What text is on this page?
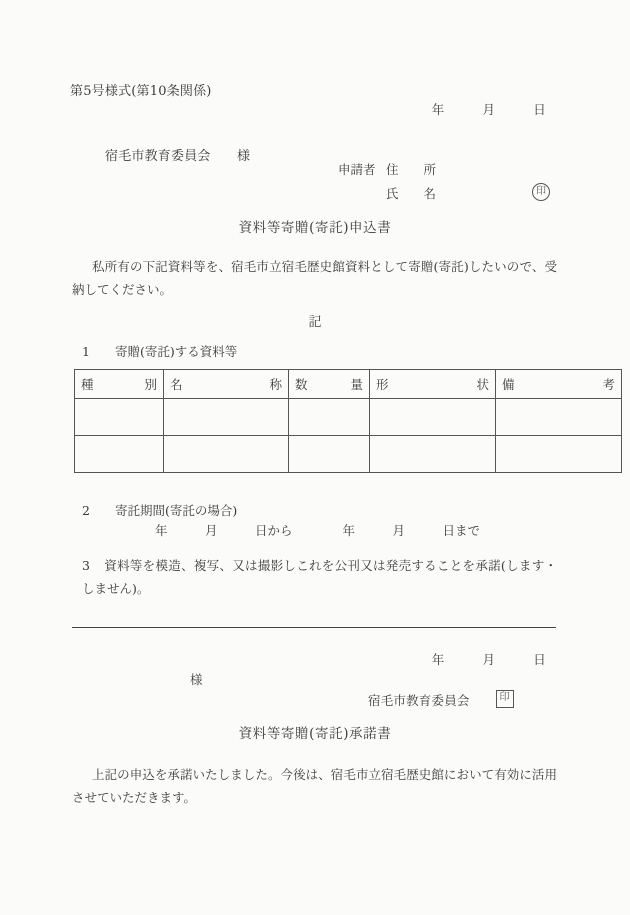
第5号様式(第10条関係)
年　　　月　　　日
宿毛市教育委員会　　様
申請者 住　　所
氏　　名	印
資料等寄贈(寄託)申込書
私所有の下記資料等を、宿毛市立宿毛歴史館資料として寄贈(寄託)したいので、受納してください。
記
1　　 寄贈(寄託)する資料等
種 別	名 称	数 量	形 状	備 考

2　　 寄託期間(寄託の場合)
年　　　月　　　日から　　　　年　　　月　　　日まで
3 資料等を模造、複写、又は撮影しこれを公刊又は発売することを承諾(します・しません)。
年　　　月　　　日
様
宿毛市教育委員会	印
資料等寄贈(寄託)承諾書
上記の申込を承諾いたしました。今後は、宿毛市立宿毛歴史館において有効に活用させていただきます。
